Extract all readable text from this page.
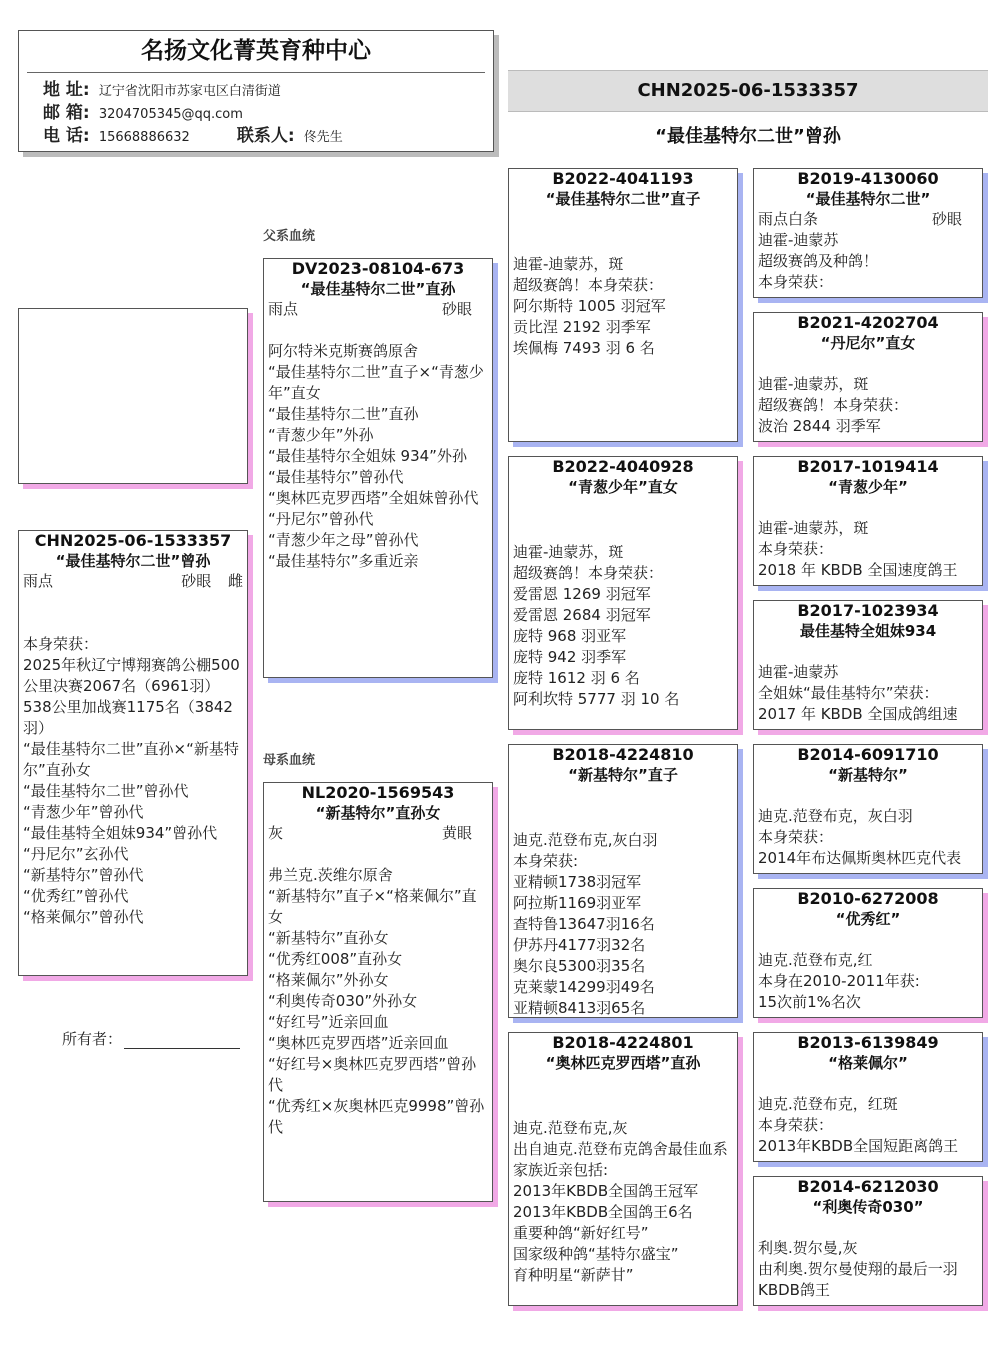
名扬文化菁英育种中心
地 址: 辽宁省沈阳市苏家屯区白清街道
邮 箱: 3204705345@qq.com
电 话: 15668886632	联系人: 佟先生
CHN2025-06-1533357
“最佳基特尔二世”曾孙
父系血统
母系血统
所有者：
CHN2025-06-1533357
“最佳基特尔二世”曾孙
雨点	砂眼 雌
本身荣获：
2025年秋辽宁博翔赛鸽公棚500公里决赛2067名（6961羽）
538公里加战赛1175名（3842羽）
“最佳基特尔二世”直孙×“新基特尔”直孙女
“最佳基特尔二世”曾孙代
“青葱少年”曾孙代
“最佳基特全姐妹934”曾孙代
“丹尼尔”玄孙代
“新基特尔”曾孙代
“优秀红”曾孙代
“格莱佩尔”曾孙代
DV2023-08104-673
“最佳基特尔二世”直孙
雨点	砂眼
阿尔特米克斯赛鸽原舍
“最佳基特尔二世”直子×“青葱少年”直女
“最佳基特尔二世”直孙
“青葱少年”外孙
“最佳基特尔全姐妹 934”外孙
“最佳基特尔”曾孙代
“奥林匹克罗西塔”全姐妹曾孙代
“丹尼尔”曾孙代
“青葱少年之母”曾孙代
“最佳基特尔”多重近亲
NL2020-1569543
“新基特尔”直孙女
灰	黄眼
弗兰克.茨维尔原舍
“新基特尔”直子×“格莱佩尔”直女
“新基特尔”直孙女
“优秀红008”直孙女
“格莱佩尔”外孙女
“利奥传奇030”外孙女
“好红号”近亲回血
“奥林匹克罗西塔”近亲回血
“好红号×奥林匹克罗西塔”曾孙代
“优秀红×灰奥林匹克9998”曾孙代
B2022-4041193
“最佳基特尔二世”直子
迪霍-迪蒙苏，斑
超级赛鸽！本身荣获：
阿尔斯特 1005 羽冠军
贡比涅 2192 羽季军
埃佩梅 7493 羽 6 名
B2022-4040928
“青葱少年”直女
迪霍-迪蒙苏，斑
超级赛鸽！本身荣获：
爱雷恩 1269 羽冠军
爱雷恩 2684 羽冠军
庞特 968 羽亚军
庞特 942 羽季军
庞特 1612 羽 6 名
阿利坎特 5777 羽 10 名
B2018-4224810
“新基特尔”直子
迪克.范登布克,灰白羽
本身荣获:
亚精顿1738羽冠军
阿拉斯1169羽亚军
查特鲁13647羽16名
伊苏丹4177羽32名
奥尔良5300羽35名
克莱蒙14299羽49名
亚精顿8413羽65名
B2018-4224801
“奥林匹克罗西塔”直孙
迪克.范登布克,灰
出自迪克.范登布克鸽舍最佳血系
家族近亲包括:
2013年KBDB全国鸽王冠军
2013年KBDB全国鸽王6名
重要种鸽“新好红号”
国家级种鸽“基特尔盛宝”
育种明星“新萨甘”
B2019-4130060
“最佳基特尔二世”
雨点白条	砂眼
迪霍-迪蒙苏
超级赛鸽及种鸽！
本身荣获：
B2021-4202704
“丹尼尔”直女
迪霍-迪蒙苏，斑
超级赛鸽！本身荣获：
波治 2844 羽季军
B2017-1019414
“青葱少年”
迪霍-迪蒙苏，斑
本身荣获：
2018 年 KBDB 全国速度鸽王
B2017-1023934
最佳基特全姐妹934
迪霍-迪蒙苏
全姐妹“最佳基特尔”荣获：
2017 年 KBDB 全国成鸽组速
B2014-6091710
“新基特尔”
迪克.范登布克，灰白羽
本身荣获：
2014年布达佩斯奥林匹克代表
B2010-6272008
“优秀红”
迪克.范登布克,红
本身在2010-2011年获:
15次前1%名次
B2013-6139849
“格莱佩尔”
迪克.范登布克，红斑
本身荣获：
2013年KBDB全国短距离鸽王
B2014-6212030
“利奥传奇030”
利奥.贺尔曼,灰
由利奥.贺尔曼使翔的最后一羽KBDB鸽王
